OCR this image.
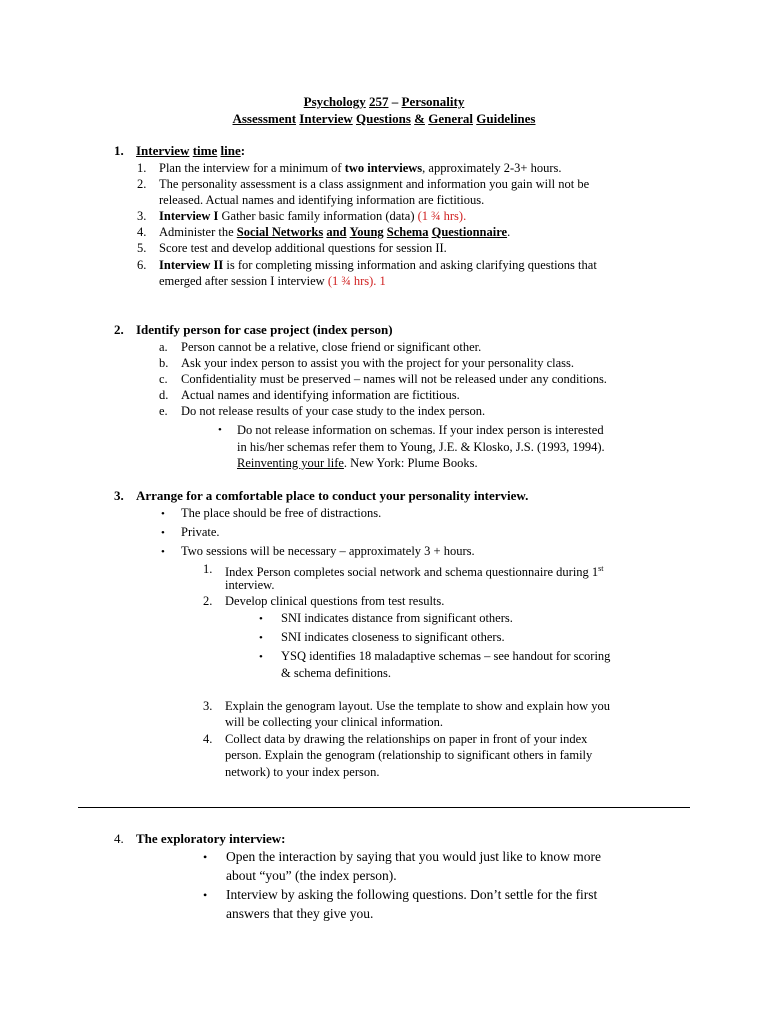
Psychology 257 – Personality
Assessment Interview Questions & General Guidelines
1. Interview time line:
1. Plan the interview for a minimum of two interviews, approximately 2-3+ hours.
2. The personality assessment is a class assignment and information you gain will not be
released. Actual names and identifying information are fictitious.
3. Interview I Gather basic family information (data) (1 ¾ hrs).
4. Administer the Social Networks and Young Schema Questionnaire.
5. Score test and develop additional questions for session II.
6. Interview II is for completing missing information and asking clarifying questions that
emerged after session I interview (1 ¾ hrs). 1
2. Identify person for case project (index person)
a. Person cannot be a relative, close friend or significant other.
b. Ask your index person to assist you with the project for your personality class.
c. Confidentiality must be preserved – names will not be released under any conditions.
d. Actual names and identifying information are fictitious.
e. Do not release results of your case study to the index person.
• Do not release information on schemas. If your index person is interested
in his/her schemas refer them to Young, J.E. & Klosko, J.S. (1993, 1994).
Reinventing your life. New York: Plume Books.
3. Arrange for a comfortable place to conduct your personality interview.
• The place should be free of distractions.
• Private.
• Two sessions will be necessary – approximately 3 + hours.
1. Index Person completes social network and schema questionnaire during 1st
interview.
2. Develop clinical questions from test results.
• SNI indicates distance from significant others.
• SNI indicates closeness to significant others.
• YSQ identifies 18 maladaptive schemas – see handout for scoring
& schema definitions.
3. Explain the genogram layout. Use the template to show and explain how you
will be collecting your clinical information.
4. Collect data by drawing the relationships on paper in front of your index
person. Explain the genogram (relationship to significant others in family
network) to your index person.
4. The exploratory interview:
• Open the interaction by saying that you would just like to know more
about “you” (the index person).
• Interview by asking the following questions. Don’t settle for the first
answers that they give you.
